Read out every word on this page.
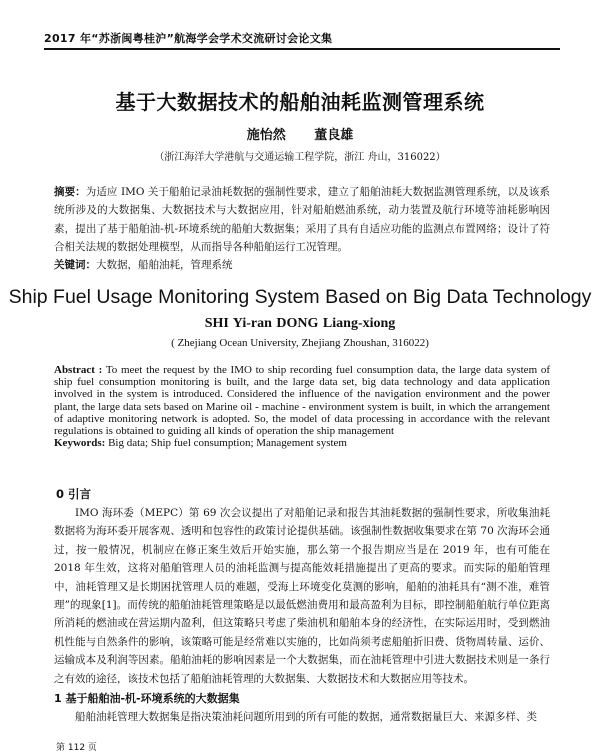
2017 年“苏浙闽粤桂沪”航海学会学术交流研讨会论文集
基于大数据技术的船舶油耗监测管理系统
施怡然 董良雄
（浙江海洋大学港航与交通运输工程学院，浙江 舟山，316022）
摘要：为适应 IMO 关于船舶记录油耗数据的强制性要求，建立了船舶油耗大数据监测管理系统，以及该系统所涉及的大数据集、大数据技术与大数据应用，针对船舶燃油系统，动力装置及航行环境等油耗影响因素，提出了基于船舶油-机-环境系统的船舶大数据集；采用了具有自适应功能的监测点布置网络；设计了符合相关法规的数据处理模型，从而指导各种船舶运行工况管理。
关键词：大数据，船舶油耗，管理系统
Ship Fuel Usage Monitoring System Based on Big Data Technology
SHI Yi-ran DONG Liang-xiong
( Zhejiang Ocean University, Zhejiang Zhoushan, 316022)
Abstract : To meet the request by the IMO to ship recording fuel consumption data, the large data system of ship fuel consumption monitoring is built, and the large data set, big data technology and data application involved in the system is introduced. Considered the influence of the navigation environment and the power plant, the large data sets based on Marine oil - machine - environment system is built, in which the arrangement of adaptive monitoring network is adopted. So, the model of data processing in accordance with the relevant regulations is obtained to guiding all kinds of operation the ship management
Keywords: Big data; Ship fuel consumption; Management system
0 引言
IMO 海环委（MEPC）第 69 次会议提出了对船舶记录和报告其油耗数据的强制性要求，所收集油耗数据将为海环委开展客观、透明和包容性的政策讨论提供基础。该强制性数据收集要求在第 70 次海环会通过，按一般情况，机制应在修正案生效后开始实施，那么第一个报告期应当是在 2019 年，也有可能在 2018 年生效，这将对船舶管理人员的油耗监测与提高能效耗措施提出了更高的要求。而实际的船舶管理中，油耗管理又是长期困扰管理人员的难题，受海上环境变化莫测的影响，船舶的油耗具有“测不准，难管理”的现象[1]。而传统的船舶油耗管理策略是以最低燃油费用和最高盈利为目标，即控制船舶航行单位距离所消耗的燃油或在营运期内盈利，但这策略只考虑了柴油机和船舶本身的经济性，在实际运用时，受到燃油机性能与自然条件的影响，该策略可能是经常难以实施的，比如尚须考虑船舶折旧费、货物周转量、运价、运输成本及利润等因素。船舶油耗的影响因素是一个大数据集，而在油耗管理中引进大数据技术则是一条行之有效的途径，该技术包括了船舶油耗管理的大数据集、大数据技术和大数据应用等技术。
1 基于船舶油-机-环境系统的大数据集
船舶油耗管理大数据集是指决策油耗问题所用到的所有可能的数据，通常数据量巨大、来源多样、类
第 112 页
